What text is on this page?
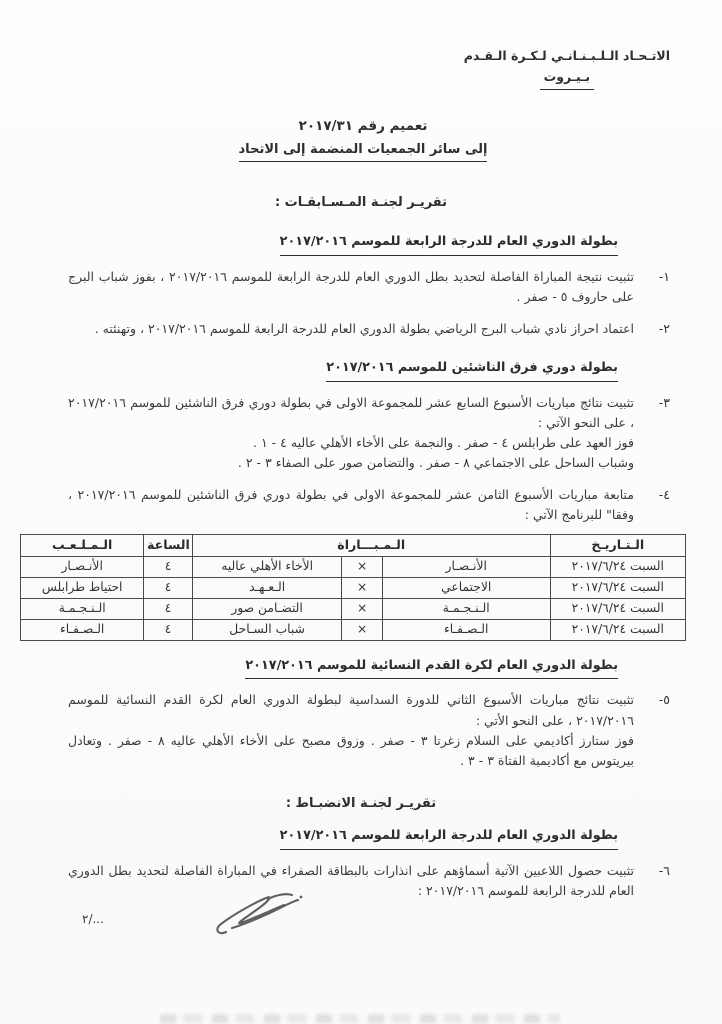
الاتـحـاد الـلـبـنـانـي لـكـرة الـقـدم
بـيـروت
تعميم رقم ٢٠١٧/٣١
إلى سائر الجمعيات المنضمة إلى الاتحاد
تقريـر لجنـة المـسـابقـات :
بطولة الدوري العام للدرجة الرابعة للموسم ٢٠١٧/٢٠١٦
١-
تثبيت نتيجة المباراة الفاصلة لتحديد بطل الدوري العام للدرجة الرابعة للموسم ٢٠١٧/٢٠١٦ ، بفوز شباب البرج على حاروف ٥ - صفر .
٢-
اعتماد احراز نادي شباب البرج الرياضي بطولة الدوري العام للدرجة الرابعة للموسم ٢٠١٧/٢٠١٦ ، وتهنئته .
بطولة دوري فرق الناشئين للموسم ٢٠١٧/٢٠١٦
٣-
تثبيت نتائج مباريات الأسبوع السابع عشر للمجموعة الاولى في بطولة دوري فرق الناشئين للموسم ٢٠١٧/٢٠١٦ ، على النحو الآتي :
فوز العهد على طرابلس ٤ - صفر . والنجمة على الأخاء الأهلي عاليه ٤ - ١ .
وشباب الساحل على الاجتماعي ٨ - صفر . والتضامن صور على الصفاء ٣ - ٢ .
٤-
متابعة مباريات الأسبوع الثامن عشر للمجموعة الاولى في بطولة دوري فرق الناشئين للموسم ٢٠١٧/٢٠١٦ ، وفقا" للبرنامج الآتي :
الـتـاريـخ	الـمـبـــاراة			الساعة	الـمـلـعـب
السبت ٢٠١٧/٦/٢٤	الأنـصـار	×	الأخاء الأهلي عاليه	٤	الأنـصـار
السبت ٢٠١٧/٦/٢٤	الاجتماعي	×	الـعـهـد	٤	احتياط طرابلس
السبت ٢٠١٧/٦/٢٤	الـنـجـمـة	×	التضـامن صور	٤	الـنـجـمـة
السبت ٢٠١٧/٦/٢٤	الـصـفـاء	×	شباب السـاحل	٤	الـصـفـاء
بطولة الدوري العام لكرة القدم النسائية للموسم ٢٠١٧/٢٠١٦
٥-
تثبيت نتائج مباريات الأسبوع الثاني للدورة السداسية لبطولة الدوري العام لكرة القدم النسائية للموسم ٢٠١٧/٢٠١٦ ، على النحو الأتي :
فوز ستارز أكاديمي على السلام زغرتا ٣ - صفر . وزوق مصبح على الأخاء الأهلي عاليه ٨ - صفر . وتعادل بيريتوس مع أكاديمية الفتاة ٣ - ٣ .
تقريـر لجنـة الانضبـاط :
بطولة الدوري العام للدرجة الرابعة للموسم ٢٠١٧/٢٠١٦
٦-
تثبيت حصول اللاعبين الآتية أسماؤهم على انذارات بالبطاقة الصفراء في المباراة الفاصلة لتحديد بطل الدوري العام للدرجة الرابعة للموسم ٢٠١٧/٢٠١٦ :
٢/...
